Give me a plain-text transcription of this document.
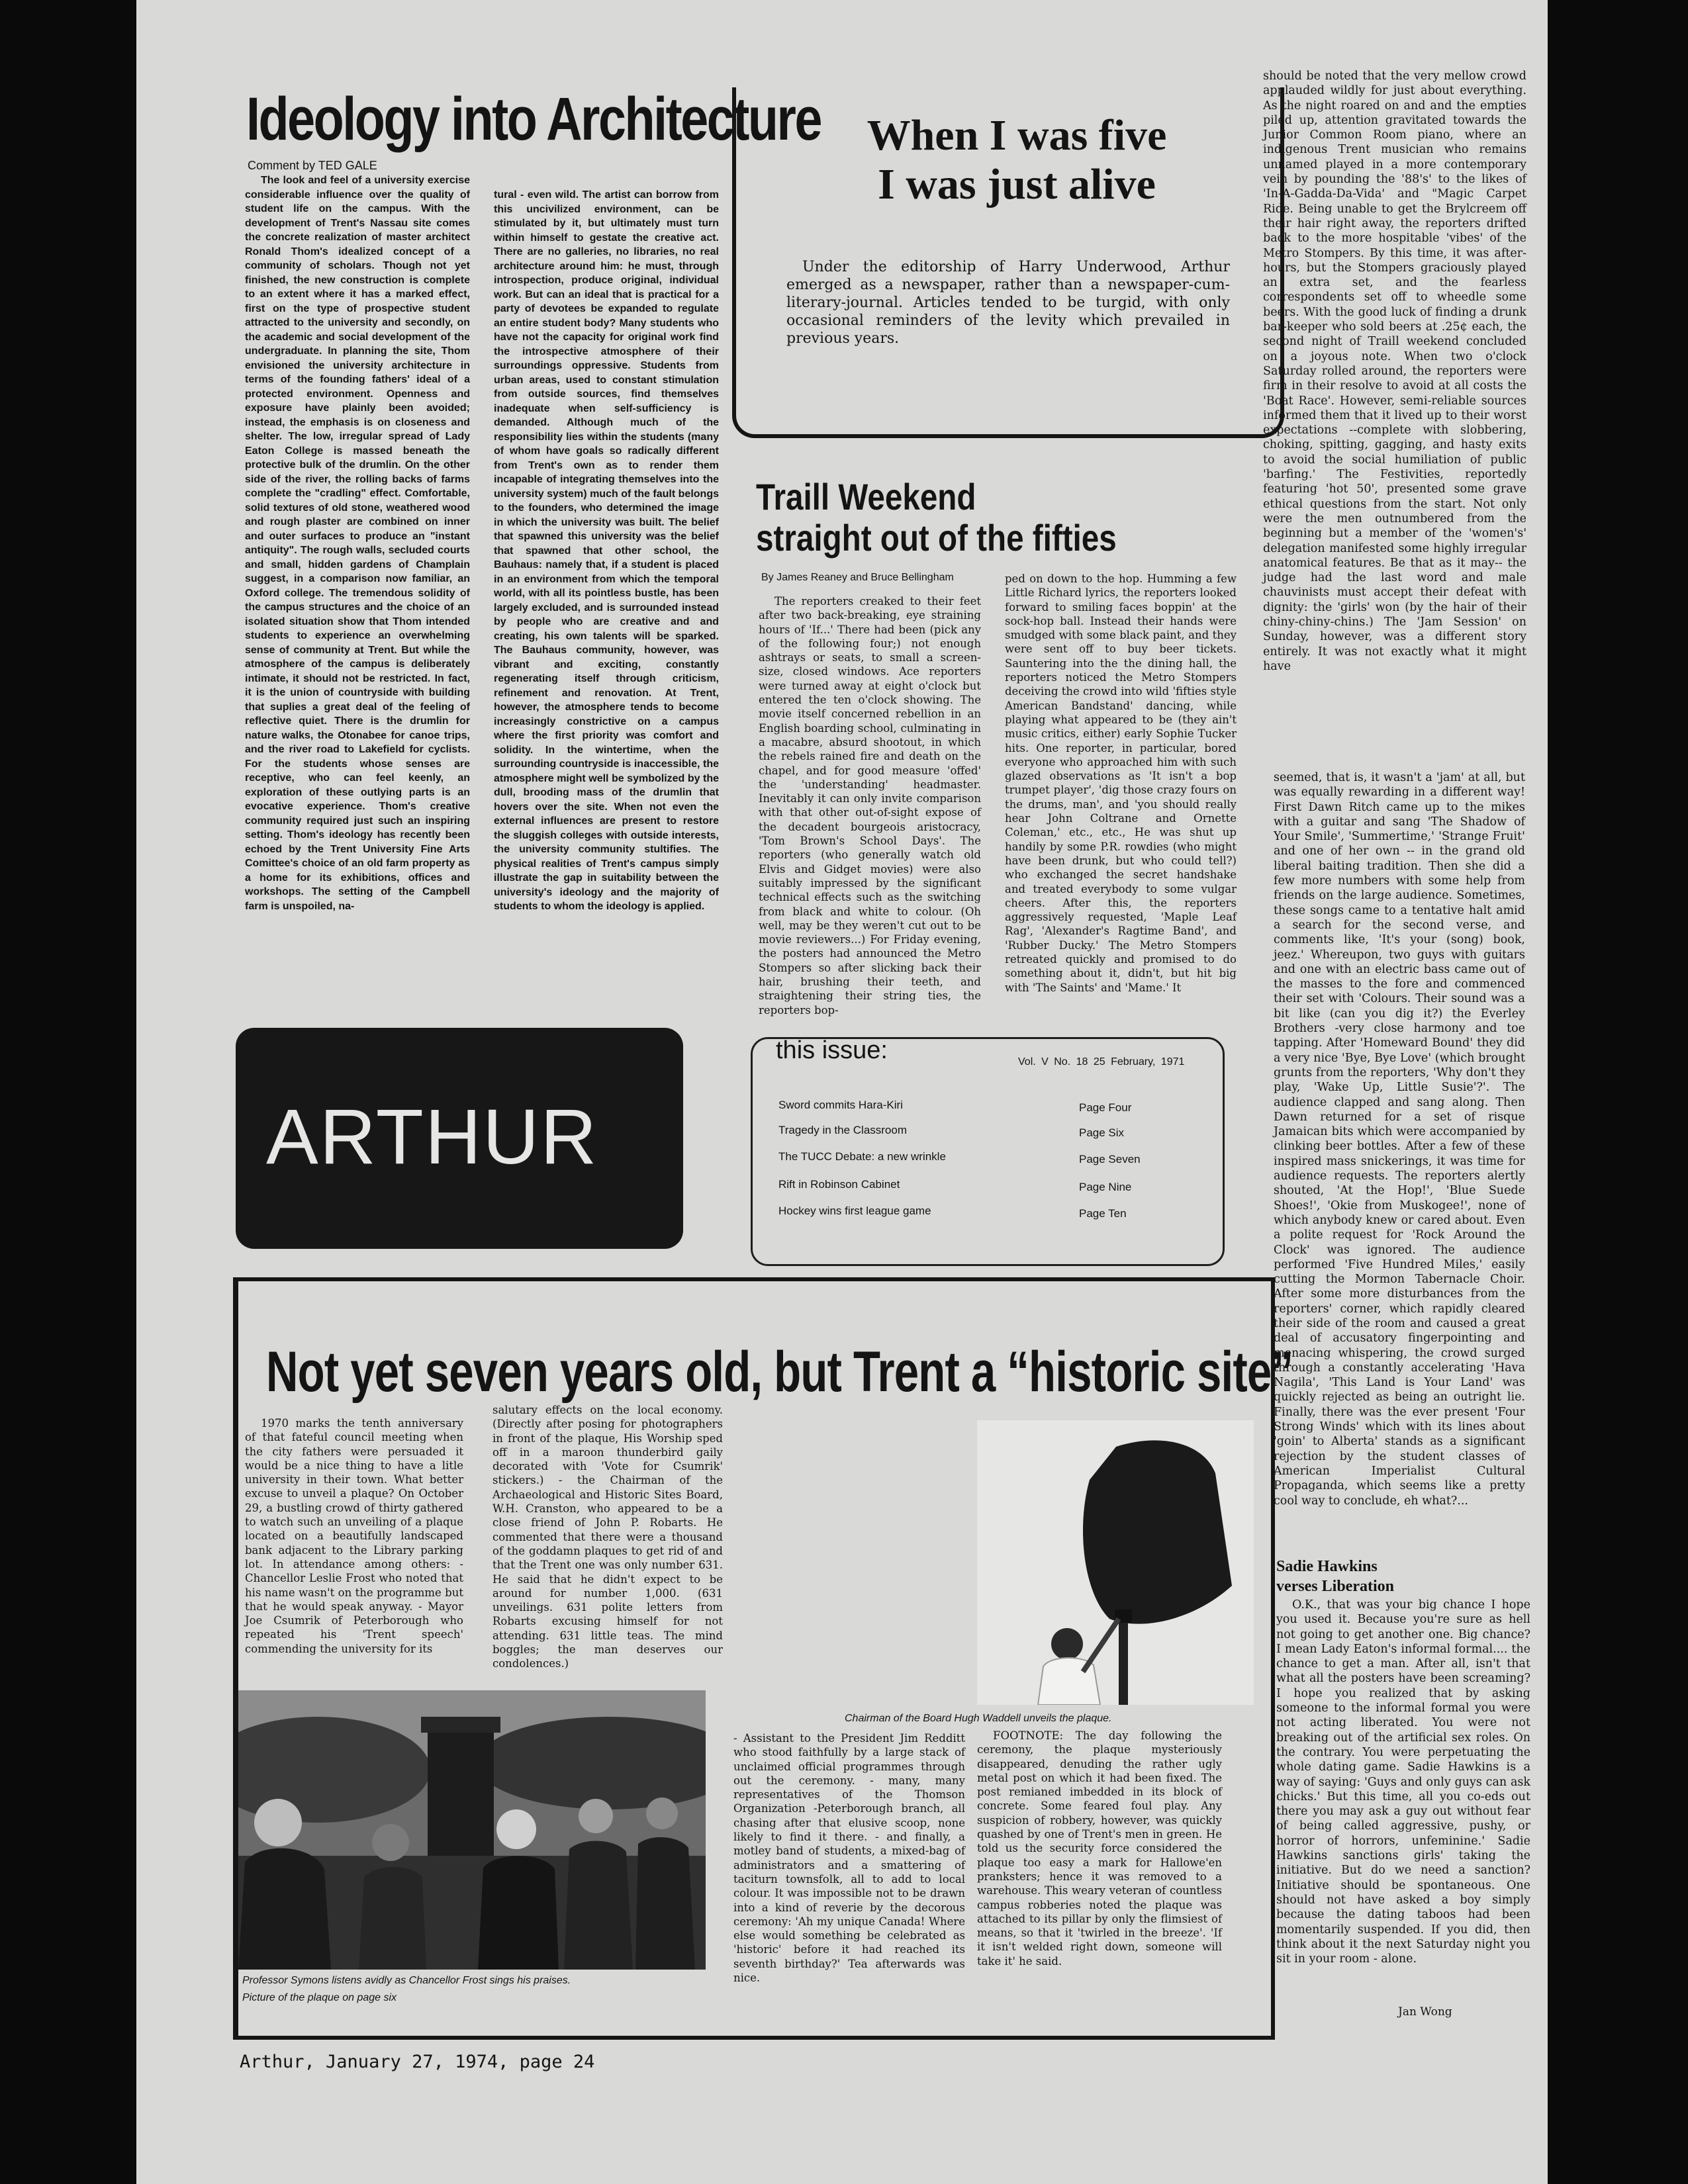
Ideology into Architecture
Comment by TED GALE

The look and feel of a university exercise considerable influence over the quality of student life on the campus. With the development of Trent's Nassau site comes the concrete realization of master architect Ronald Thom's idealized concept of a community of scholars. Though not yet finished, the new construction is complete to an extent where it has a marked effect, first on the type of prospective student attracted to the university and secondly, on the academic and social development of the undergraduate. In planning the site, Thom envisioned the university architecture in terms of the founding fathers' ideal of a protected environment. Openness and exposure have plainly been avoided; instead, the emphasis is on closeness and shelter. The low, irregular spread of Lady Eaton College is massed beneath the protective bulk of the drumlin. On the other side of the river, the rolling backs of farms complete the "cradling" effect. Comfortable, solid textures of old stone, weathered wood and rough plaster are combined on inner and outer surfaces to produce an "instant antiquity". The rough walls, secluded courts and small, hidden gardens of Champlain suggest, in a comparison now familiar, an Oxford college. The tremendous solidity of the campus structures and the choice of an isolated situation show that Thom intended students to experience an overwhelming sense of community at Trent. But while the atmosphere of the campus is deliberately intimate, it should not be restricted. In fact, it is the union of countryside with building that suplies a great deal of the feeling of reflective quiet. There is the drumlin for nature walks, the Otonabee for canoe trips, and the river road to Lakefield for cyclists. For the students whose senses are receptive, who can feel keenly, an exploration of these outlying parts is an evocative experience. Thom's creative community required just such an inspiring setting. Thom's ideology has recently been echoed by the Trent University Fine Arts Comittee's choice of an old farm property as a home for its exhibitions, offices and workshops. The setting of the Campbell farm is unspoiled, na-

tural - even wild. The artist can borrow from this uncivilized environment, can be stimulated by it, but ultimately must turn within himself to gestate the creative act. There are no galleries, no libraries, no real architecture around him: he must, through introspection, produce original, individual work. But can an ideal that is practical for a party of devotees be expanded to regulate an entire student body? Many students who have not the capacity for original work find the introspective atmosphere of their surroundings oppressive. Students from urban areas, used to constant stimulation from outside sources, find themselves inadequate when self-sufficiency is demanded. Although much of the responsibility lies within the students (many of whom have goals so radically different from Trent's own as to render them incapable of integrating themselves into the university system) much of the fault belongs to the founders, who determined the image in which the university was built. The belief that spawned this university was the belief that spawned that other school, the Bauhaus: namely that, if a student is placed in an environment from which the temporal world, with all its pointless bustle, has been largely excluded, and is surrounded instead by people who are creative and and creating, his own talents will be sparked. The Bauhaus community, however, was vibrant and exciting, constantly regenerating itself through criticism, refinement and renovation. At Trent, however, the atmosphere tends to become increasingly constrictive on a campus where the first priority was comfort and solidity. In the wintertime, when the surrounding countryside is inaccessible, the atmosphere might well be symbolized by the dull, brooding mass of the drumlin that hovers over the site. When not even the external influences are present to restore the sluggish colleges with outside interests, the university community stultifies. The physical realities of Trent's campus simply illustrate the gap in suitability between the university's ideology and the majority of students to whom the ideology is applied.

When I was five
I was just alive

Under the editorship of Harry Underwood, Arthur emerged as a newspaper, rather than a newspaper-cum-literary-journal. Articles tended to be turgid, with only occasional reminders of the levity which prevailed in previous years.

Traill Weekend
straight out of the fifties
By James Reaney and Bruce Bellingham

The reporters creaked to their feet after two back-breaking, eye straining hours of 'If...' There had been (pick any of the following four;) not enough ashtrays or seats, to small a screen-size, closed windows. Ace reporters were turned away at eight o'clock but entered the ten o'clock showing. The movie itself concerned rebellion in an English boarding school, culminating in a macabre, absurd shootout, in which the rebels rained fire and death on the chapel, and for good measure 'offed' the 'understanding' headmaster. Inevitably it can only invite comparison with that other out-of-sight expose of the decadent bourgeois aristocracy, 'Tom Brown's School Days'. The reporters (who generally watch old Elvis and Gidget movies) were also suitably impressed by the significant technical effects such as the switching from black and white to colour. (Oh well, may be they weren't cut out to be movie reviewers...) For Friday evening, the posters had announced the Metro Stompers so after slicking back their hair, brushing their teeth, and straightening their string ties, the reporters bop-

ped on down to the hop. Humming a few Little Richard lyrics, the reporters looked forward to smiling faces boppin' at the sock-hop ball. Instead their hands were smudged with some black paint, and they were sent off to buy beer tickets. Sauntering into the the dining hall, the reporters noticed the Metro Stompers deceiving the crowd into wild 'fifties style American Bandstand' dancing, while playing what appeared to be (they ain't music critics, either) early Sophie Tucker hits. One reporter, in particular, bored everyone who approached him with such glazed observations as 'It isn't a bop trumpet player', 'dig those crazy fours on the drums, man', and 'you should really hear John Coltrane and Ornette Coleman,' etc., etc., He was shut up handily by some P.R. rowdies (who might have been drunk, but who could tell?) who exchanged the secret handshake and treated everybody to some vulgar cheers. After this, the reporters aggressively requested, 'Maple Leaf Rag', 'Alexander's Ragtime Band', and 'Rubber Ducky.' The Metro Stompers retreated quickly and promised to do something about it, didn't, but hit big with 'The Saints' and 'Mame.' It

should be noted that the very mellow crowd applauded wildly for just about everything. As the night roared on and and the empties piled up, attention gravitated towards the Junior Common Room piano, where an indigenous Trent musician who remains unnamed played in a more contemporary vein by pounding the '88's' to the likes of 'In-A-Gadda-Da-Vida' and "Magic Carpet Ride. Being unable to get the Brylcreem off their hair right away, the reporters drifted back to the more hospitable 'vibes' of the Metro Stompers. By this time, it was after-hours, but the Stompers graciously played an extra set, and the fearless correspondents set off to wheedle some beers. With the good luck of finding a drunk bar-keeper who sold beers at .25¢ each, the second night of Traill weekend concluded on a joyous note. When two o'clock Saturday rolled around, the reporters were firm in their resolve to avoid at all costs the 'Boat Race'. However, semi-reliable sources informed them that it lived up to their worst expectations --complete with slobbering, choking, spitting, gagging, and hasty exits to avoid the social humiliation of public 'barfing.' The Festivities, reportedly featuring 'hot 50', presented some grave ethical questions from the start. Not only were the men outnumbered from the beginning but a member of the 'women's' delegation manifested some highly irregular anatomical features. Be that as it may-- the judge had the last word and male chauvinists must accept their defeat with dignity: the 'girls' won (by the hair of their chiny-chiny-chins.) The 'Jam Session' on Sunday, however, was a different story entirely. It was not exactly what it might have

seemed, that is, it wasn't a 'jam' at all, but was equally rewarding in a different way! First Dawn Ritch came up to the mikes with a guitar and sang 'The Shadow of Your Smile', 'Summertime,' 'Strange Fruit' and one of her own -- in the grand old liberal baiting tradition. Then she did a few more numbers with some help from friends on the large audience. Sometimes, these songs came to a tentative halt amid a search for the second verse, and comments like, 'It's your (song) book, jeez.' Whereupon, two guys with guitars and one with an electric bass came out of the masses to the fore and commenced their set with 'Colours. Their sound was a bit like (can you dig it?) the Everley Brothers -very close harmony and toe tapping. After 'Homeward Bound' they did a very nice 'Bye, Bye Love' (which brought grunts from the reporters, 'Why don't they play, 'Wake Up, Little Susie'?'. The audience clapped and sang along. Then Dawn returned for a set of risque Jamaican bits which were accompanied by clinking beer bottles. After a few of these inspired mass snickerings, it was time for audience requests. The reporters alertly shouted, 'At the Hop!', 'Blue Suede Shoes!', 'Okie from Muskogee!', none of which anybody knew or cared about. Even a polite request for 'Rock Around the Clock' was ignored. The audience performed 'Five Hundred Miles,' easily cutting the Mormon Tabernacle Choir. After some more disturbances from the reporters' corner, which rapidly cleared their side of the room and caused a great deal of accusatory fingerpointing and menacing whispering, the crowd surged through a constantly accelerating 'Hava Nagila', 'This Land is Your Land' was quickly rejected as being an outright lie. Finally, there was the ever present 'Four Strong Winds' which with its lines about 'goin' to Alberta' stands as a significant rejection by the student classes of American Imperialist Cultural Propaganda, which seems like a pretty cool way to conclude, eh what?...

ARTHUR
this issue:	Vol. V No. 18 25 February, 1971
Sword commits Hara-Kiri	Page Four
Tragedy in the Classroom	Page Six
The TUCC Debate: a new wrinkle	Page Seven
Rift in Robinson Cabinet	Page Nine
Hockey wins first league game	Page Ten
Not yet seven years old, but Trent a “historic site”

1970 marks the tenth anniversary of that fateful council meeting when the city fathers were persuaded it would be a nice thing to have a litle university in their town. What better excuse to unveil a plaque? On October 29, a bustling crowd of thirty gathered to watch such an unveiling of a plaque located on a beautifully landscaped bank adjacent to the Library parking lot. In attendance among others: - Chancellor Leslie Frost who noted that his name wasn't on the programme but that he would speak anyway. - Mayor Joe Csumrik of Peterborough who repeated his 'Trent speech' commending the university for its

salutary effects on the local economy. (Directly after posing for photographers in front of the plaque, His Worship sped off in a maroon thunderbird gaily decorated with 'Vote for Csumrik' stickers.) - the Chairman of the Archaeological and Historic Sites Board, W.H. Cranston, who appeared to be a close friend of John P. Robarts. He commented that there were a thousand of the goddamn plaques to get rid of and that the Trent one was only number 631. He said that he didn't expect to be around for number 1,000. (631 unveilings. 631 polite letters from Robarts excusing himself for not attending. 631 little teas. The mind boggles; the man deserves our condolences.)

- Assistant to the President Jim Redditt who stood faithfully by a large stack of unclaimed official programmes through out the ceremony. - many, many representatives of the Thomson Organization -Peterborough branch, all chasing after that elusive scoop, none likely to find it there. - and finally, a motley band of students, a mixed-bag of administrators and a smattering of taciturn townsfolk, all to add to local colour. It was impossible not to be drawn into a kind of reverie by the decorous ceremony: 'Ah my unique Canada! Where else would something be celebrated as 'historic' before it had reached its seventh birthday?' Tea afterwards was nice.

FOOTNOTE: The day following the ceremony, the plaque mysteriously disappeared, denuding the rather ugly metal post on which it had been fixed. The post remianed imbedded in its block of concrete. Some feared foul play. Any suspicion of robbery, however, was quickly quashed by one of Trent's men in green. He told us the security force considered the plaque too easy a mark for Hallowe'en pranksters; hence it was removed to a warehouse. This weary veteran of countless campus robberies noted the plaque was attached to its pillar by only the flimsiest of means, so that it 'twirled in the breeze'. 'If it isn't welded right down, someone will take it' he said.

Chairman of the Board Hugh Waddell unveils the plaque.
Professor Symons listens avidly as Chancellor Frost sings his praises.
Picture of the plaque on page six
Sadie Hawkins
verses Liberation

O.K., that was your big chance I hope you used it. Because you're sure as hell not going to get another one. Big chance? I mean Lady Eaton's informal formal.... the chance to get a man. After all, isn't that what all the posters have been screaming? I hope you realized that by asking someone to the informal formal you were not acting liberated. You were not breaking out of the artificial sex roles. On the contrary. You were perpetuating the whole dating game. Sadie Hawkins is a way of saying: 'Guys and only guys can ask chicks.' But this time, all you co-eds out there you may ask a guy out without fear of being called aggressive, pushy, or horror of horrors, unfeminine.' Sadie Hawkins sanctions girls' taking the initiative. But do we need a sanction? Initiative should be spontaneous. One should not have asked a boy simply because the dating taboos had been momentarily suspended. If you did, then think about it the next Saturday night you sit in your room - alone.

Jan Wong
Arthur, January 27, 1974, page 24
